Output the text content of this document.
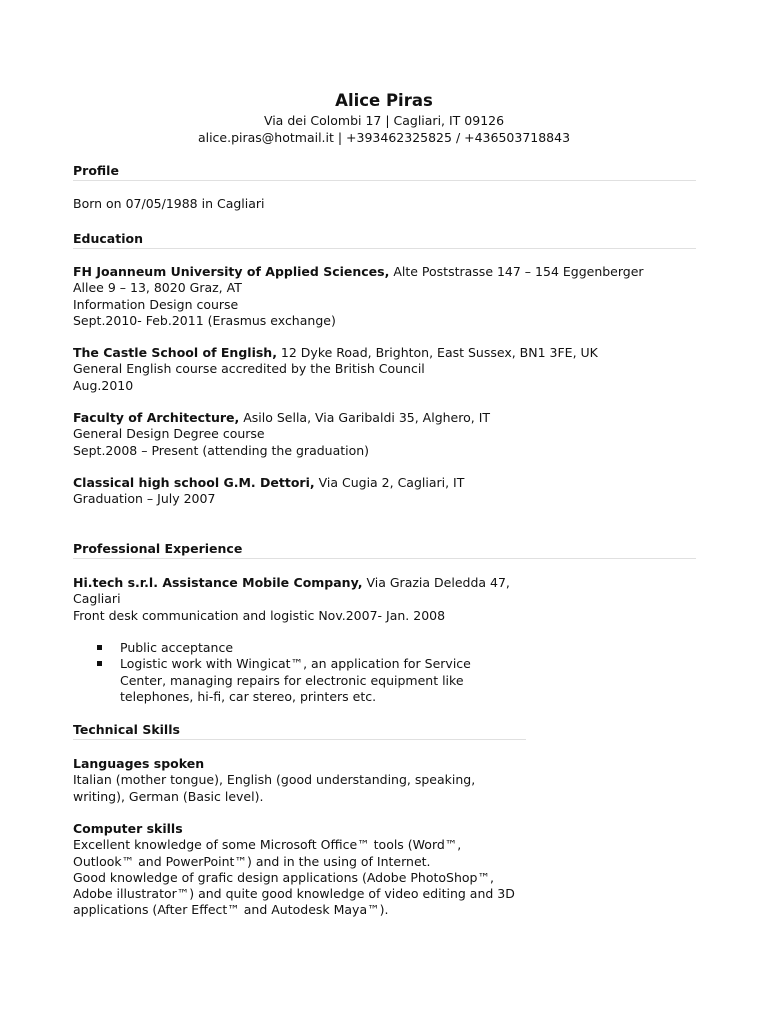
Alice Piras

Via dei Colombi 17 | Cagliari, IT 09126

alice.piras@hotmail.it | +393462325825 / +436503718843

Profile

Born on 07/05/1988 in Cagliari

Education

FH Joanneum University of Applied Sciences, Alte Poststrasse 147 – 154 Eggenberger

Allee 9 – 13, 8020 Graz, AT

Information Design course

Sept.2010- Feb.2011 (Erasmus exchange)

The Castle School of English, 12 Dyke Road, Brighton, East Sussex, BN1 3FE, UK

General English course accredited by the British Council

Aug.2010

Faculty of Architecture, Asilo Sella, Via Garibaldi 35, Alghero, IT

General Design Degree course

Sept.2008 – Present (attending the graduation)

Classical high school G.M. Dettori, Via Cugia 2, Cagliari, IT

Graduation – July 2007

Professional Experience

Hi.tech s.r.l. Assistance Mobile Company, Via Grazia Deledda 47,

Cagliari

Front desk communication and logistic Nov.2007- Jan. 2008

Public acceptance
Logistic work with Wingicat™, an application for Service Center, managing repairs for electronic equipment like telephones, hi-fi, car stereo, printers etc.

Technical Skills

Languages spoken

Italian (mother tongue), English (good understanding, speaking, writing), German (Basic level).

Computer skills

Excellent knowledge of some Microsoft Office™ tools (Word™, Outlook™ and PowerPoint™) and in the using of Internet.

Good knowledge of grafic design applications (Adobe PhotoShop™, Adobe illustrator™) and quite good knowledge of video editing and 3D applications (After Effect™ and Autodesk Maya™).
